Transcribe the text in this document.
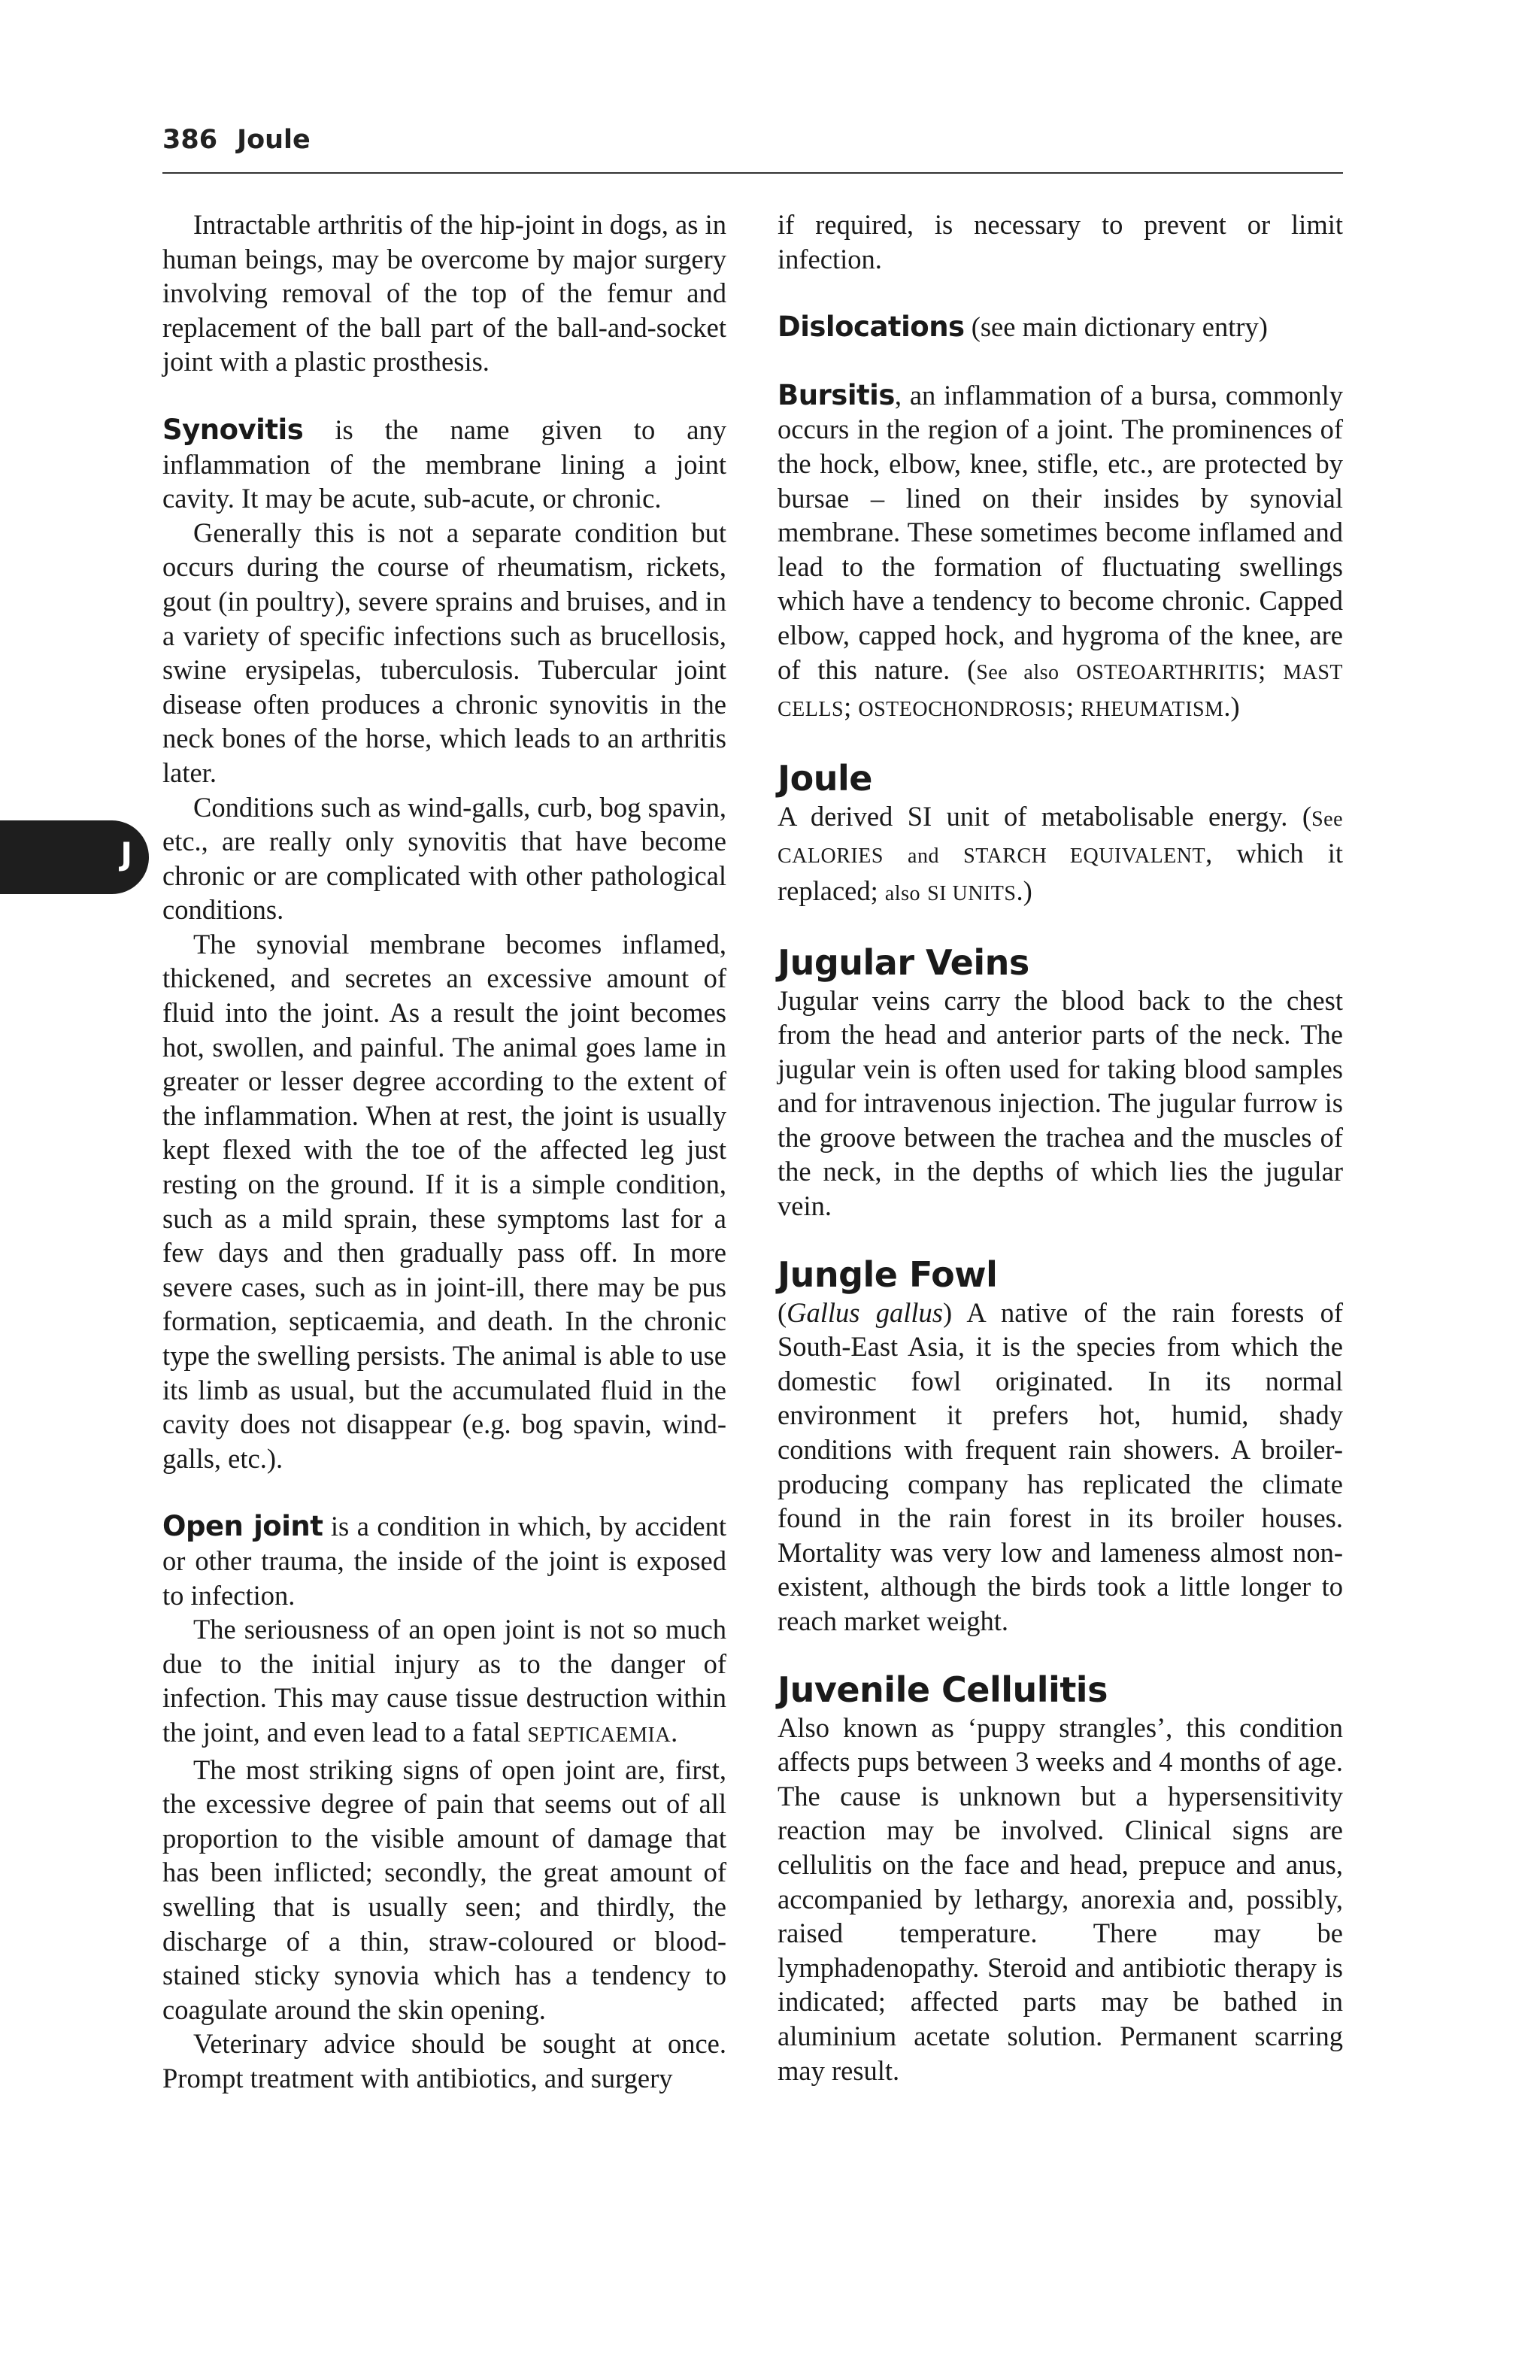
386 Joule
J

Intractable arthritis of the hip-joint in dogs, as in human beings, may be overcome by major surgery involving removal of the top of the femur and replacement of the ball part of the ball-and-socket joint with a plastic prosthesis.

Synovitis is the name given to any inflammation of the membrane lining a joint cavity. It may be acute, sub-acute, or chronic.

Generally this is not a separate condition but occurs during the course of rheumatism, rickets, gout (in poultry), severe sprains and bruises, and in a variety of specific infections such as brucellosis, swine erysipelas, tuberculosis. Tubercular joint disease often produces a chronic synovitis in the neck bones of the horse, which leads to an arthritis later.

Conditions such as wind-galls, curb, bog spavin, etc., are really only synovitis that have become chronic or are complicated with other pathological conditions.

The synovial membrane becomes inflamed, thickened, and secretes an excessive amount of fluid into the joint. As a result the joint becomes hot, swollen, and painful. The animal goes lame in greater or lesser degree according to the extent of the inflammation. When at rest, the joint is usually kept flexed with the toe of the affected leg just resting on the ground. If it is a simple condition, such as a mild sprain, these symptoms last for a few days and then gradually pass off. In more severe cases, such as in joint-ill, there may be pus formation, septicaemia, and death. In the chronic type the swelling persists. The animal is able to use its limb as usual, but the accumulated fluid in the cavity does not disappear (e.g. bog spavin, wind-galls, etc.).

Open joint is a condition in which, by accident or other trauma, the inside of the joint is exposed to infection.

The seriousness of an open joint is not so much due to the initial injury as to the danger of infection. This may cause tissue destruction within the joint, and even lead to a fatal SEPTICAEMIA.

The most striking signs of open joint are, first, the excessive degree of pain that seems out of all proportion to the visible amount of damage that has been inflicted; secondly, the great amount of swelling that is usually seen; and thirdly, the discharge of a thin, straw-coloured or blood-stained sticky synovia which has a tendency to coagulate around the skin opening.

Veterinary advice should be sought at once. Prompt treatment with antibiotics, and surgery

if required, is necessary to prevent or limit infection.

Dislocations (see main dictionary entry)

Bursitis, an inflammation of a bursa, commonly occurs in the region of a joint. The prominences of the hock, elbow, knee, stifle, etc., are protected by bursae – lined on their insides by synovial membrane. These sometimes become inflamed and lead to the formation of fluctuating swellings which have a tendency to become chronic. Capped elbow, capped hock, and hygroma of the knee, are of this nature. (See also OSTEOARTHRITIS; MAST CELLS; OSTEOCHONDROSIS; RHEUMATISM.)

Joule

A derived SI unit of metabolisable energy. (See CALORIES and STARCH EQUIVALENT, which it replaced; also SI UNITS.)

Jugular Veins

Jugular veins carry the blood back to the chest from the head and anterior parts of the neck. The jugular vein is often used for taking blood samples and for intravenous injection. The jugular furrow is the groove between the trachea and the muscles of the neck, in the depths of which lies the jugular vein.

Jungle Fowl

(Gallus gallus) A native of the rain forests of South-East Asia, it is the species from which the domestic fowl originated. In its normal environment it prefers hot, humid, shady conditions with frequent rain showers. A broiler-producing company has replicated the climate found in the rain forest in its broiler houses. Mortality was very low and lameness almost non-existent, although the birds took a little longer to reach market weight.

Juvenile Cellulitis

Also known as ‘puppy strangles’, this condition affects pups between 3 weeks and 4 months of age. The cause is unknown but a hypersensitivity reaction may be involved. Clinical signs are cellulitis on the face and head, prepuce and anus, accompanied by lethargy, anorexia and, possibly, raised temperature. There may be lymphadenopathy. Steroid and antibiotic therapy is indicated; affected parts may be bathed in aluminium acetate solution. Permanent scarring may result.
